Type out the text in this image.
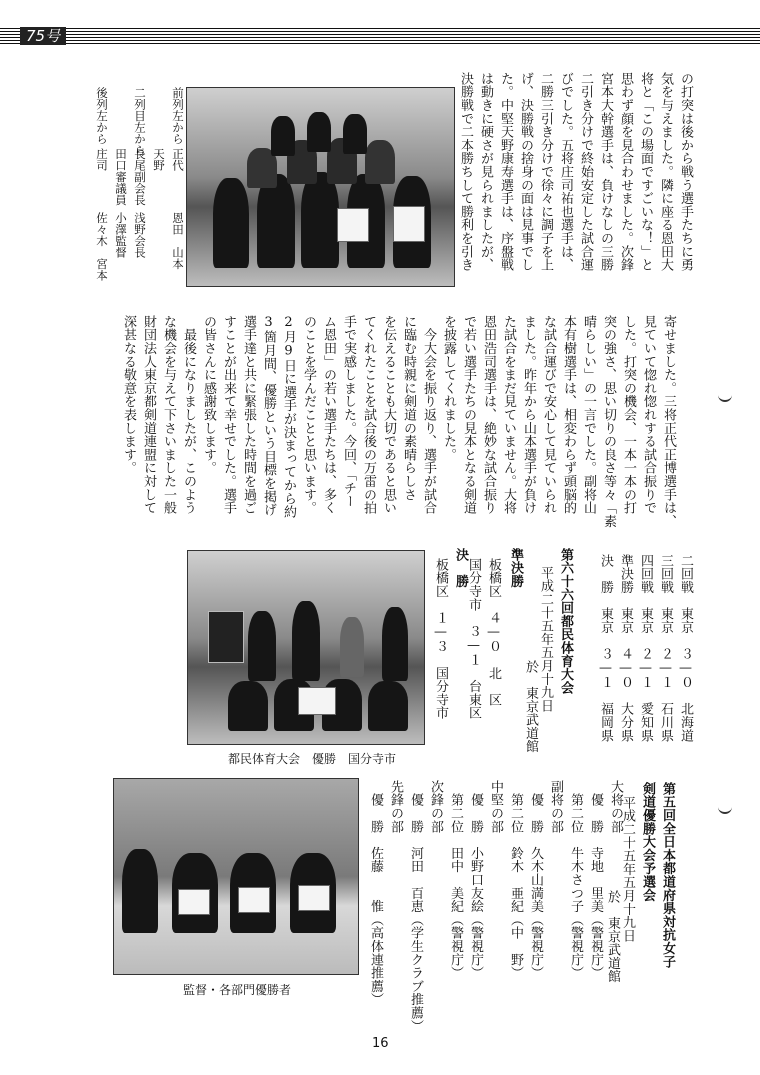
75号
前列左から

二列目左から

後列左から
正代
天野
長尾副会長
田口審議員
庄司
恩田　山本

浅野会長
小澤監督
佐々木　宮本	の打突は後から戦う選手たちに勇
気を与えました。隣に座る恩田大
将と「この場面ですごいな！」と
思わず顔を見合わせました。次鋒
宮本大幹選手は、負けなしの三勝
二引き分けで終始安定した試合運
びでした。五将庄司祐也選手は、
二勝三引き分けで徐々に調子を上
げ、決勝戦の捨身の面は見事でし
た。中堅天野康寿選手は、序盤戦
は動きに硬さが見られましたが、
決勝戦で二本勝ちして勝利を引き
寄せました。三将正代正博選手は、
見ていて惚れ惚れする試合振りで
した。打突の機会、一本一本の打
突の強さ、思い切りの良さ等々「素
晴らしい」の一言でした。副将山
本有樹選手は、相変わらず頭脳的
な試合運びで安心して見ていられ
ました。昨年から山本選手が負け
た試合をまだ見ていません。大将
恩田浩司選手は、絶妙な試合振り
で若い選手たちの見本となる剣道
を披露してくれました。
　今大会を振り返り、選手が試合
に臨む時親に剣道の素晴らしさ
を伝えることも大切であると思い
てくれたことを試合後の万雷の拍
手で実感しました。今回、「チー
ム恩田」の若い選手たちは、多く
のことを学んだことと思います。
2月9日に選手が決まってから約
3箇月間、優勝という目標を掲げ
選手達と共に緊張した時間を過ご
すことが出来て幸せでした。選手
の皆さんに感謝致します。
　最後になりましたが、このよう
な機会を与えて下さいました一般
財団法人東京都剣道連盟に対して
深甚なる敬意を表します。
二回戦　東京　３—０　北海道
三回戦　東京　２—１　石川県
四回戦　東京　２—１　愛知県
準決勝　東京　４—０　大分県
決　勝　東京　３—１　福岡県
第六十六回都民体育大会
平成二十五年五月十九日
於　東京武道館
準決勝
板橋区　４—０　北　区
国分寺市　３—１　台東区
決　勝
板橋区　１—３　国分寺市
都民体育大会　優勝　国分寺市
第五回全日本都道府県対抗女子
剣道優勝大会予選会
平成二十五年五月十九日
於　東京武道館
大将の部
　優　勝　寺地　里美（警視庁）
　第二位　牛木さつ子（警視庁）
副将の部
　優　勝　久木山満美（警視庁）
　第二位　鈴木　亜紀（中　野）
中堅の部
　優　勝　小野口友絵（警視庁）
　第二位　田中　美紀（警視庁）
次鋒の部
　優　勝　河田　百恵（学生クラブ推薦）
先鋒の部
　優　勝　佐藤　　惟（高体連推薦）
監督・各部門優勝者
16
